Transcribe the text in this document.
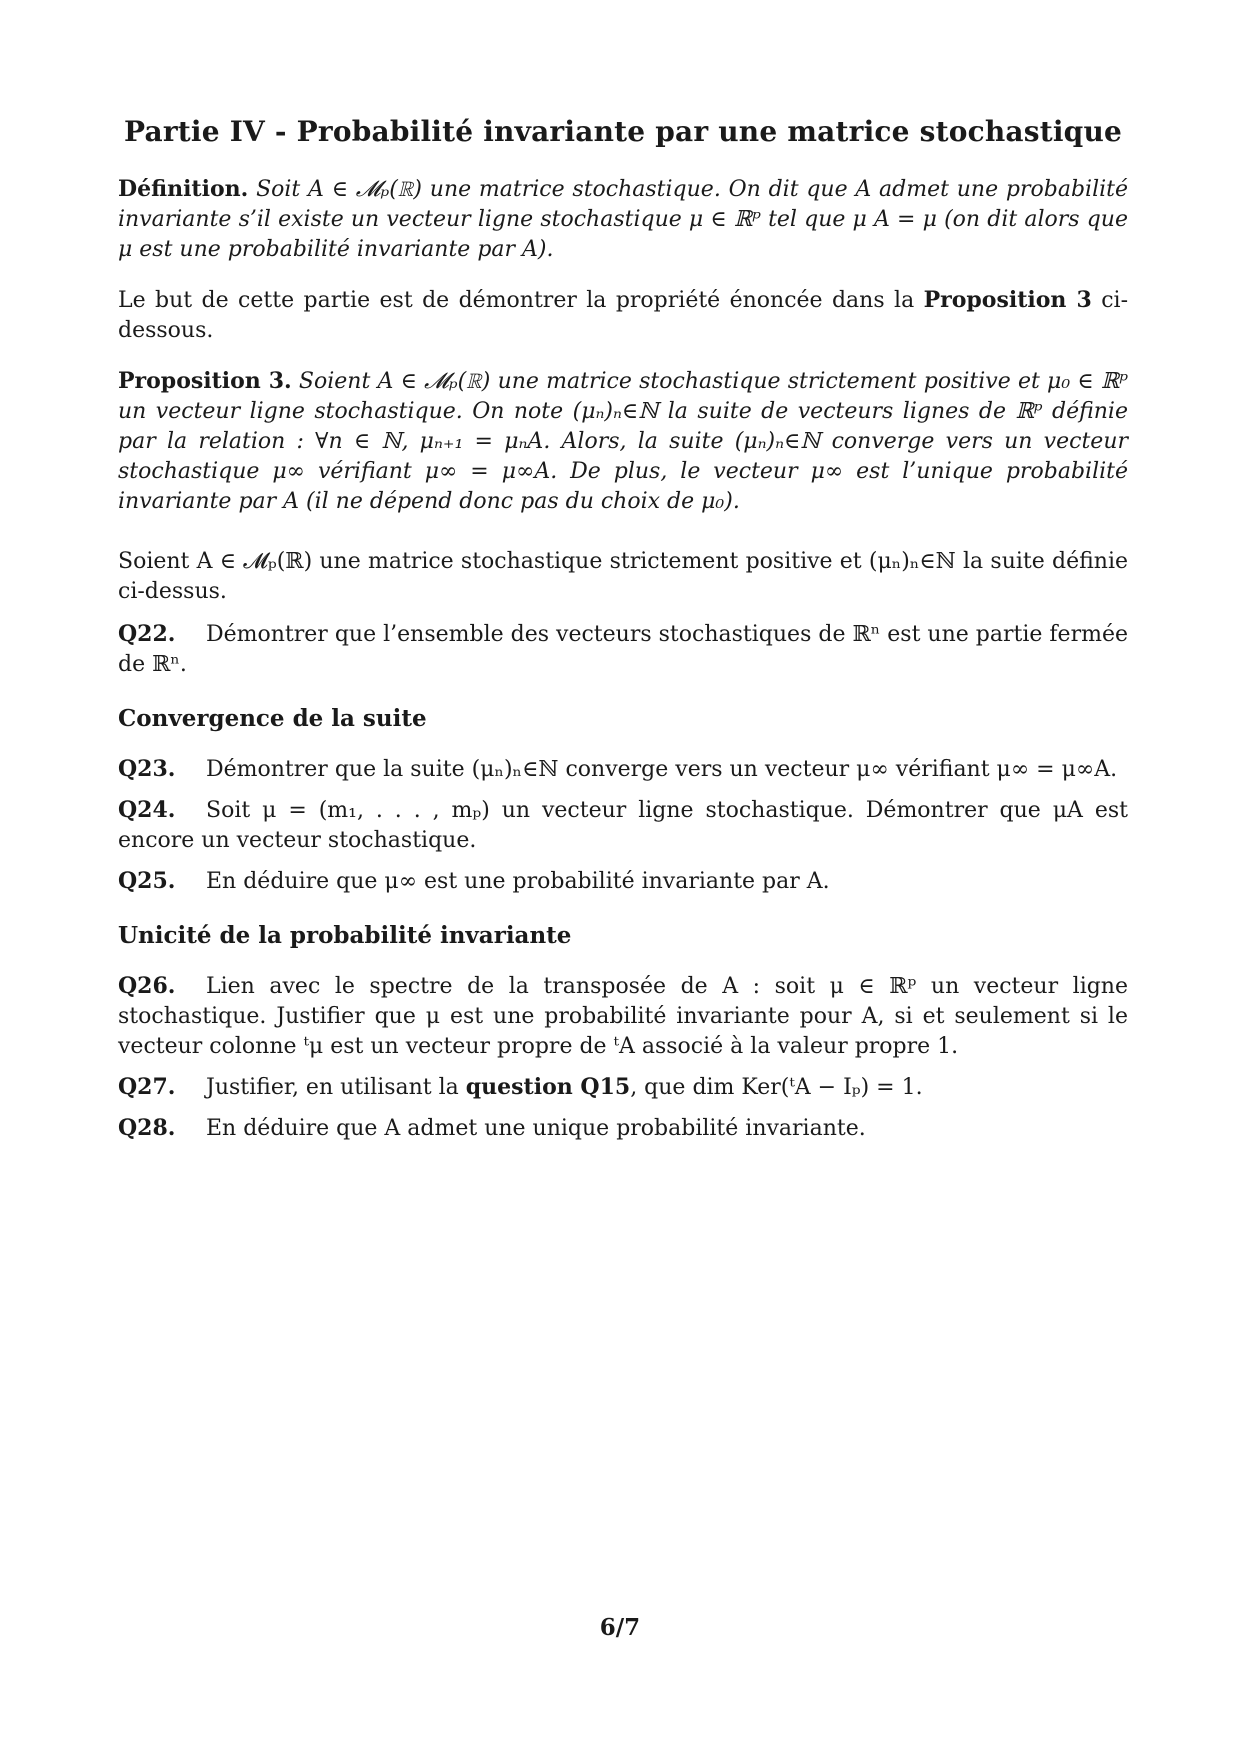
Partie IV - Probabilité invariante par une matrice stochastique

Définition. Soit A ∈ 𝓜ₚ(ℝ) une matrice stochastique. On dit que A admet une probabilité invariante s’il existe un vecteur ligne stochastique μ ∈ ℝᵖ tel que μ A = μ (on dit alors que μ est une probabilité invariante par A).

Le but de cette partie est de démontrer la propriété énoncée dans la Proposition 3 ci-dessous.

Proposition 3. Soient A ∈ 𝓜ₚ(ℝ) une matrice stochastique strictement positive et μ₀ ∈ ℝᵖ un vecteur ligne stochastique. On note (μₙ)ₙ∈ℕ la suite de vecteurs lignes de ℝᵖ définie par la relation : ∀n ∈ ℕ, μₙ₊₁ = μₙA. Alors, la suite (μₙ)ₙ∈ℕ converge vers un vecteur stochastique μ∞ vérifiant μ∞ = μ∞A. De plus, le vecteur μ∞ est l’unique probabilité invariante par A (il ne dépend donc pas du choix de μ₀).

Soient A ∈ 𝓜ₚ(ℝ) une matrice stochastique strictement positive et (μₙ)ₙ∈ℕ la suite définie ci-dessus.

Q22. Démontrer que l’ensemble des vecteurs stochastiques de ℝⁿ est une partie fermée de ℝⁿ.

Convergence de la suite

Q23. Démontrer que la suite (μₙ)ₙ∈ℕ converge vers un vecteur μ∞ vérifiant μ∞ = μ∞A.

Q24. Soit μ = (m₁, . . . , mₚ) un vecteur ligne stochastique. Démontrer que μA est encore un vecteur stochastique.

Q25. En déduire que μ∞ est une probabilité invariante par A.

Unicité de la probabilité invariante

Q26. Lien avec le spectre de la transposée de A : soit μ ∈ ℝᵖ un vecteur ligne stochastique. Justifier que μ est une probabilité invariante pour A, si et seulement si le vecteur colonne ᵗμ est un vecteur propre de ᵗA associé à la valeur propre 1.

Q27. Justifier, en utilisant la question Q15, que dim Ker(ᵗA − Iₚ) = 1.

Q28. En déduire que A admet une unique probabilité invariante.

6/7
